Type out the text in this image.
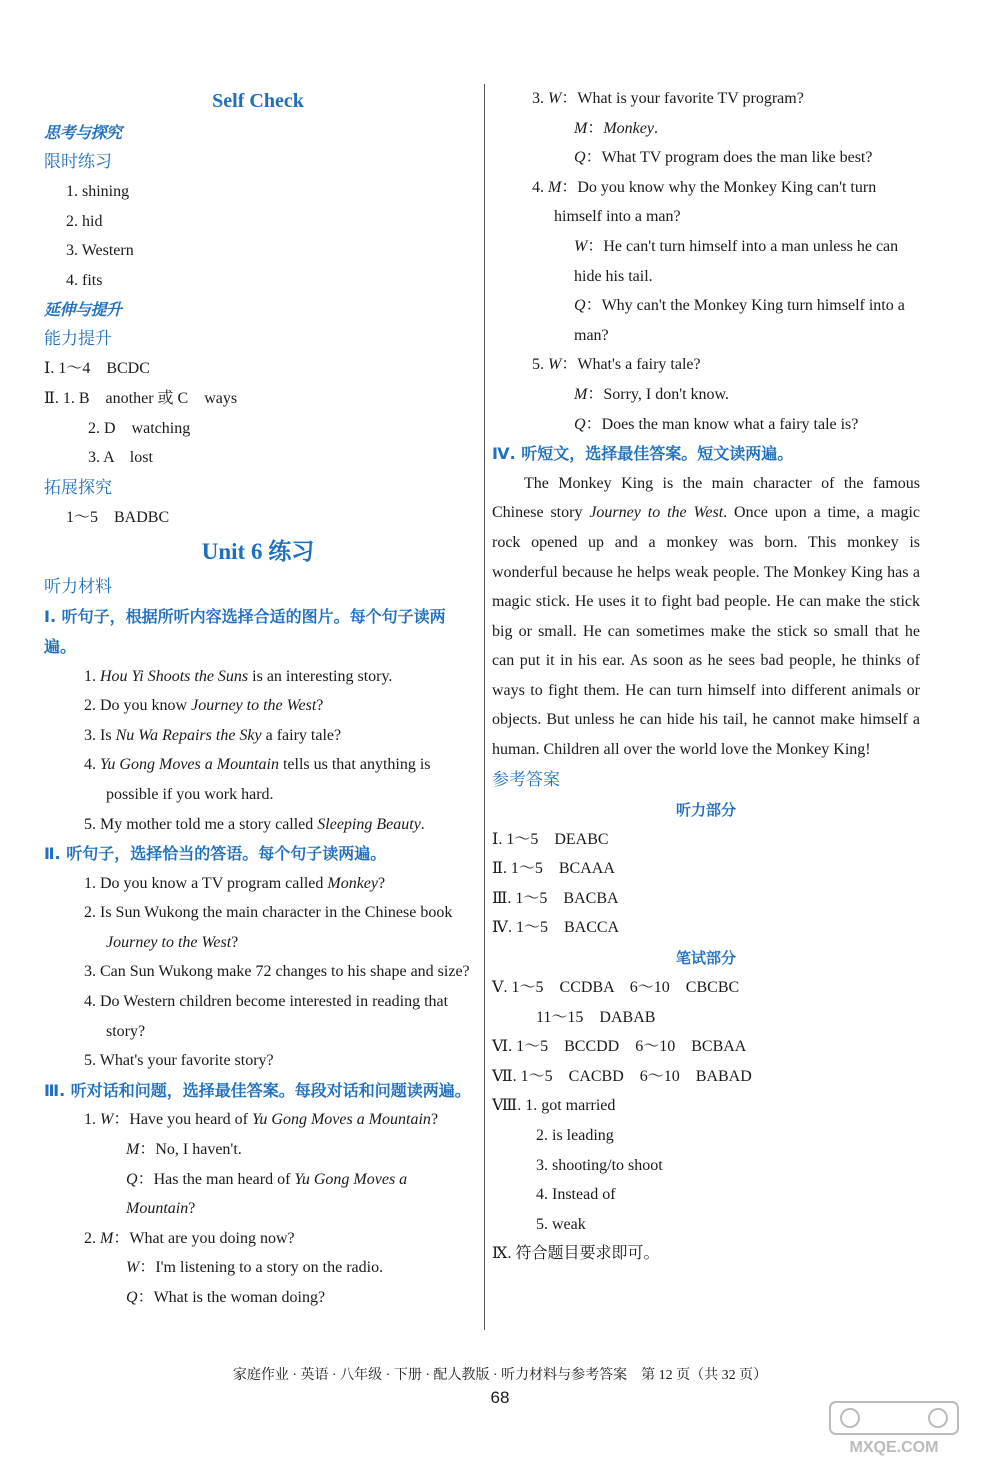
Self Check
思考与探究
限时练习
1. shining
2. hid
3. Western
4. fits
延伸与提升
能力提升
Ⅰ. 1～4　BCDC
Ⅱ. 1. B　another 或 C　ways
2. D　watching
3. A　lost
拓展探究
1～5　BADBC
Unit 6 练习
听力材料
Ⅰ. 听句子，根据所听内容选择合适的图片。每个句子读两遍。
1. Hou Yi Shoots the Suns is an interesting story.
2. Do you know Journey to the West?
3. Is Nu Wa Repairs the Sky a fairy tale?
4. Yu Gong Moves a Mountain tells us that anything is possible if you work hard.
5. My mother told me a story called Sleeping Beauty.
Ⅱ. 听句子，选择恰当的答语。每个句子读两遍。
1. Do you know a TV program called Monkey?
2. Is Sun Wukong the main character in the Chinese book Journey to the West?
3. Can Sun Wukong make 72 changes to his shape and size?
4. Do Western children become interested in reading that story?
5. What's your favorite story?
Ⅲ. 听对话和问题，选择最佳答案。每段对话和问题读两遍。
1. W：Have you heard of Yu Gong Moves a Mountain?
M：No, I haven't.
Q：Has the man heard of Yu Gong Moves a Mountain?
2. M：What are you doing now?
W：I'm listening to a story on the radio.
Q：What is the woman doing?
3. W：What is your favorite TV program?
M：Monkey.
Q：What TV program does the man like best?
4. M：Do you know why the Monkey King can't turn himself into a man?
W：He can't turn himself into a man unless he can hide his tail.
Q：Why can't the Monkey King turn himself into a man?
5. W：What's a fairy tale?
M：Sorry, I don't know.
Q：Does the man know what a fairy tale is?
Ⅳ. 听短文，选择最佳答案。短文读两遍。
The Monkey King is the main character of the famous Chinese story Journey to the West. Once upon a time, a magic rock opened up and a monkey was born. This monkey is wonderful because he helps weak people. The Monkey King has a magic stick. He uses it to fight bad people. He can make the stick big or small. He can sometimes make the stick so small that he can put it in his ear. As soon as he sees bad people, he thinks of ways to fight them. He can turn himself into different animals or objects. But unless he can hide his tail, he cannot make himself a human. Children all over the world love the Monkey King!
参考答案
听力部分
Ⅰ. 1～5　DEABC
Ⅱ. 1～5　BCAAA
Ⅲ. 1～5　BACBA
Ⅳ. 1～5　BACCA
笔试部分
Ⅴ. 1～5　CCDBA　6～10　CBCBC
11～15　DABAB
Ⅵ. 1～5　BCCDD　6～10　BCBAA
Ⅶ. 1～5　CACBD　6～10　BABAD
Ⅷ. 1. got married
2. is leading
3. shooting/to shoot
4. Instead of
5. weak
Ⅸ. 符合题目要求即可。
家庭作业 · 英语 · 八年级 · 下册 · 配人教版 · 听力材料与参考答案　第 12 页（共 32 页）
68
MXQE.COM
